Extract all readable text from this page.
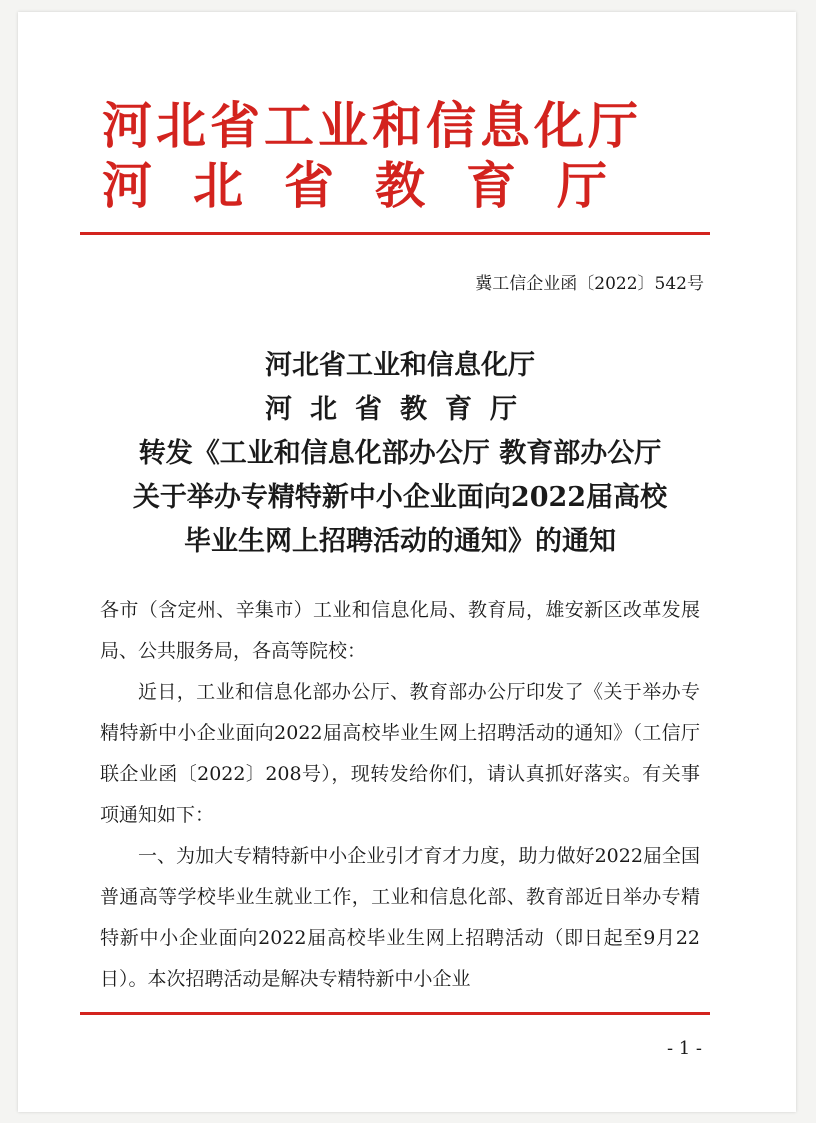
河北省工业和信息化厅
河北省教育厅
冀工信企业函〔2022〕542号
河北省工业和信息化厅
河北省教育厅
转发《工业和信息化部办公厅 教育部办公厅
关于举办专精特新中小企业面向2022届高校
毕业生网上招聘活动的通知》的通知

各市（含定州、辛集市）工业和信息化局、教育局，雄安新区改革发展局、公共服务局，各高等院校：

近日，工业和信息化部办公厅、教育部办公厅印发了《关于举办专精特新中小企业面向2022届高校毕业生网上招聘活动的通知》（工信厅联企业函〔2022〕208号），现转发给你们，请认真抓好落实。有关事项通知如下：

一、为加大专精特新中小企业引才育才力度，助力做好2022届全国普通高等学校毕业生就业工作，工业和信息化部、教育部近日举办专精特新中小企业面向2022届高校毕业生网上招聘活动（即日起至9月22日）。本次招聘活动是解决专精特新中小企业

- 1 -
